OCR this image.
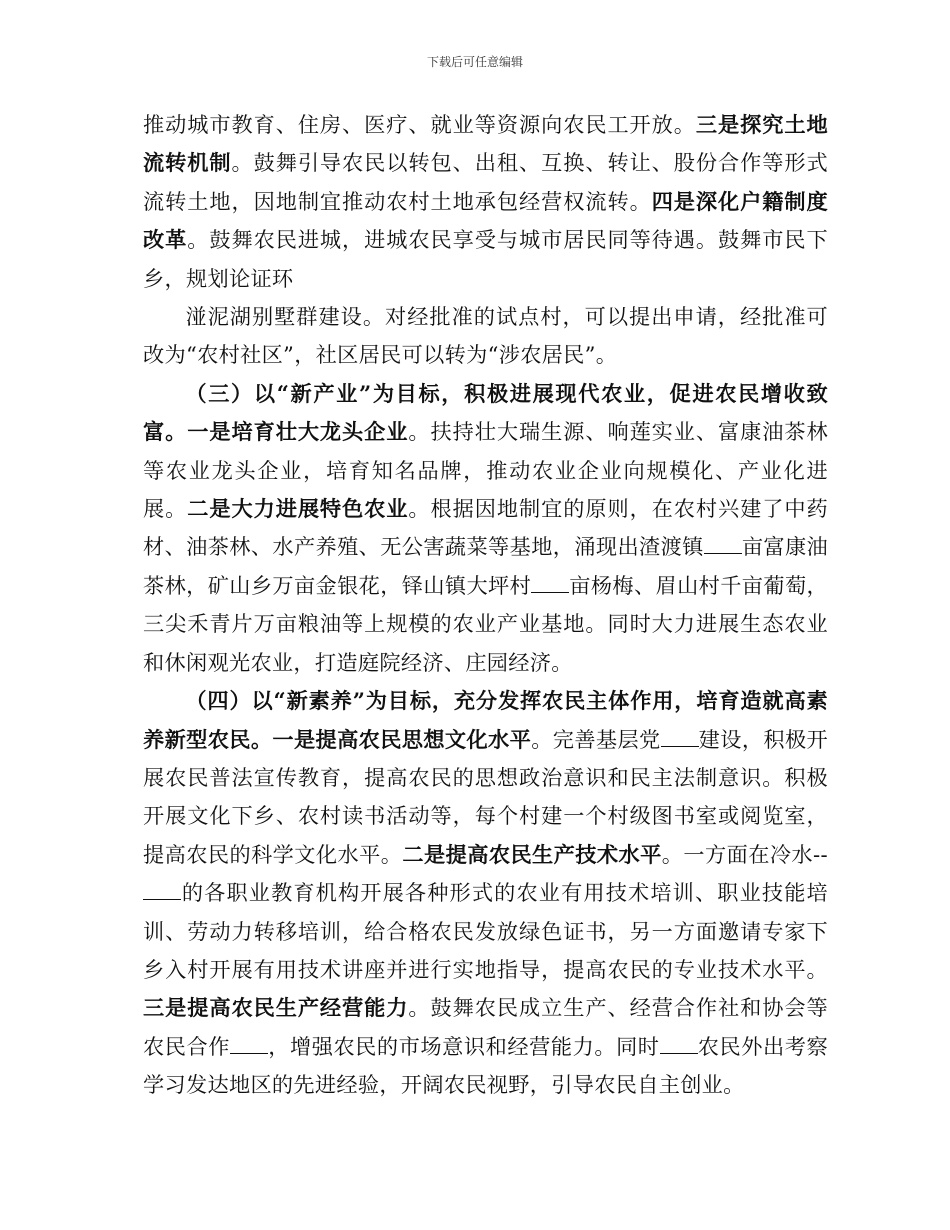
下载后可任意编辑

推动城市教育、住房、医疗、就业等资源向农民工开放。三是探究土地流转机制。鼓舞引导农民以转包、出租、互换、转让、股份合作等形式流转土地，因地制宜推动农村土地承包经营权流转。四是深化户籍制度改革。鼓舞农民进城，进城农民享受与城市居民同等待遇。鼓舞市民下乡，规划论证环

湴泥湖别墅群建设。对经批准的试点村，可以提出申请，经批准可改为“农村社区”，社区居民可以转为“涉农居民”。

（三）以“新产业”为目标，积极进展现代农业，促进农民增收致富。一是培育壮大龙头企业。扶持壮大瑞生源、响莲实业、富康油茶林等农业龙头企业，培育知名品牌，推动农业企业向规模化、产业化进展。二是大力进展特色农业。根据因地制宜的原则，在农村兴建了中药材、油茶林、水产养殖、无公害蔬菜等基地，涌现出渣渡镇 亩富康油茶林，矿山乡万亩金银花，铎山镇大坪村 亩杨梅、眉山村千亩葡萄，三尖禾青片万亩粮油等上规模的农业产业基地。同时大力进展生态农业和休闲观光农业，打造庭院经济、庄园经济。

（四）以“新素养”为目标，充分发挥农民主体作用，培育造就高素养新型农民。一是提高农民思想文化水平。完善基层党 建设，积极开展农民普法宣传教育，提高农民的思想政治意识和民主法制意识。积极开展文化下乡、农村读书活动等，每个村建一个村级图书室或阅览室，提高农民的科学文化水平。二是提高农民生产技术水平。一方面在冷水--的各职业教育机构开展各种形式的农业有用技术培训、职业技能培训、劳动力转移培训，给合格农民发放绿色证书，另一方面邀请专家下乡入村开展有用技术讲座并进行实地指导，提高农民的专业技术水平。三是提高农民生产经营能力。鼓舞农民成立生产、经营合作社和协会等农民合作 ，增强农民的市场意识和经营能力。同时 农民外出考察学习发达地区的先进经验，开阔农民视野，引导农民自主创业。
